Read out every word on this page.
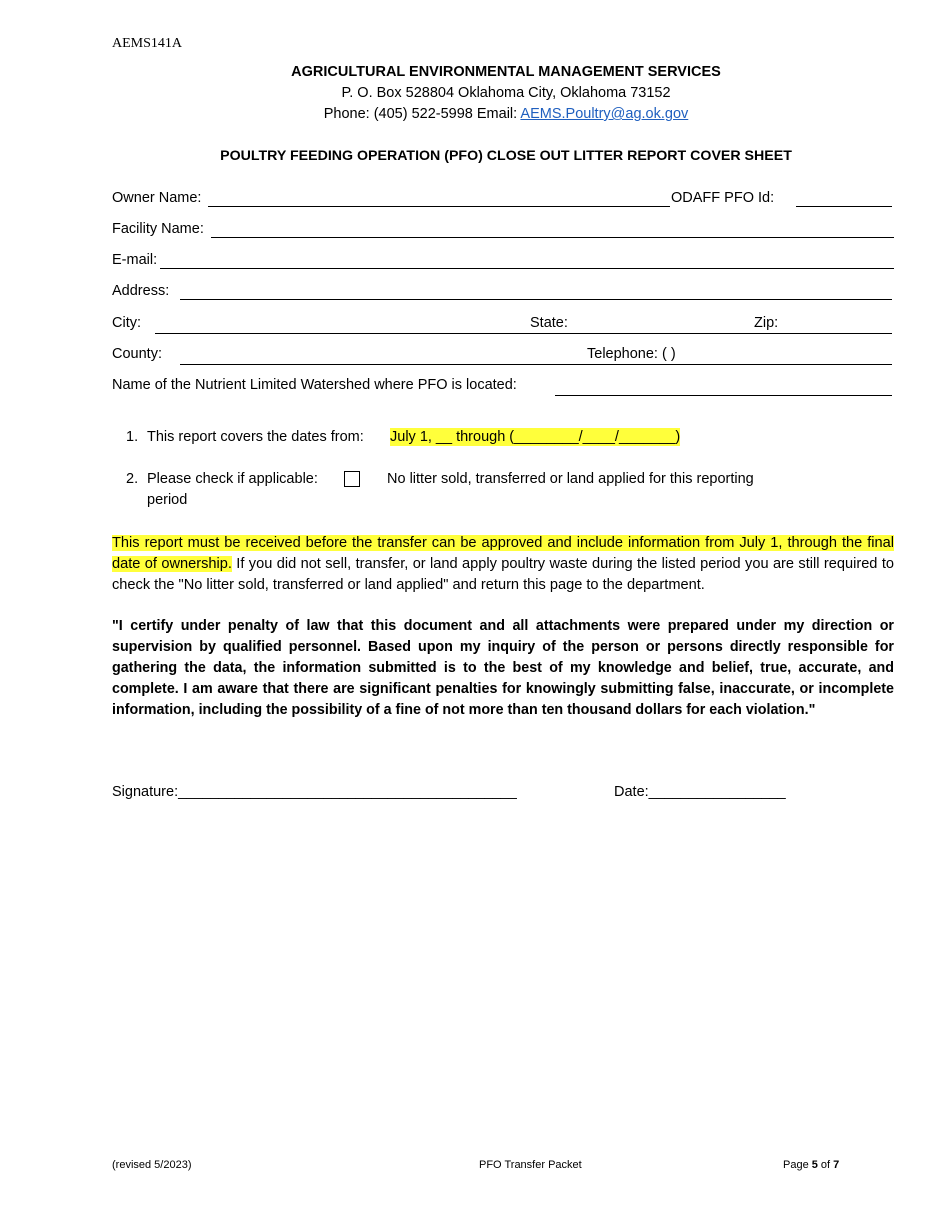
AEMS141A
AGRICULTURAL ENVIRONMENTAL MANAGEMENT SERVICES
P. O. Box 528804 Oklahoma City, Oklahoma 73152
Phone: (405) 522-5998 Email: AEMS.Poultry@ag.ok.gov
POULTRY FEEDING OPERATION (PFO) CLOSE OUT LITTER REPORT COVER SHEET
Owner Name:	ODAFF PFO Id:
Facility Name:
E-mail:
Address:
City:	State:	Zip:
County:	Telephone: ( )
Name of the Nutrient Limited Watershed where PFO is located:
1. This report covers the dates from: July 1, __ through (________/____/_______)
2. Please check if applicable:	No litter sold, transferred or land applied for this reporting
period
This report must be received before the transfer can be approved and include information from July 1, through the final date of ownership. If you did not sell, transfer, or land apply poultry waste during the listed period you are still required to check the "No litter sold, transferred or land applied" and return this page to the department.
"I certify under penalty of law that this document and all attachments were prepared under my direction or supervision by qualified personnel. Based upon my inquiry of the person or persons directly responsible for gathering the data, the information submitted is to the best of my knowledge and belief, true, accurate, and complete. I am aware that there are significant penalties for knowingly submitting false, inaccurate, or incomplete information, including the possibility of a fine of not more than ten thousand dollars for each violation."
Signature:__________________________________________	Date:_________________
(revised 5/2023)	PFO Transfer Packet	Page 5 of 7
